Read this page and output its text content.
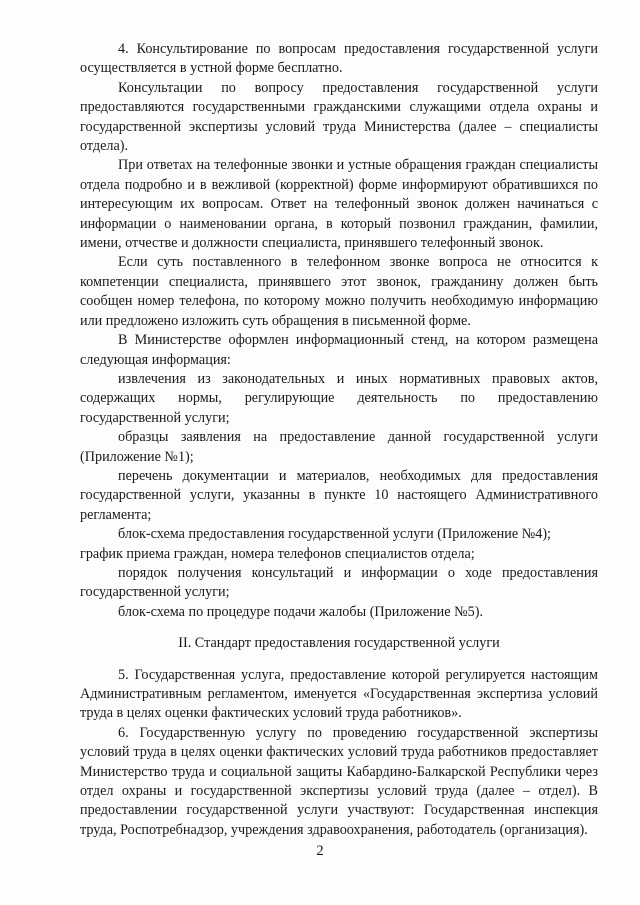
4. Консультирование по вопросам предоставления государственной услуги осуществляется в устной форме бесплатно.

Консультации по вопросу предоставления государственной услуги предоставляются государственными гражданскими служащими отдела охраны и государственной экспертизы условий труда Министерства (далее – специалисты отдела).

При ответах на телефонные звонки и устные обращения граждан специалисты отдела подробно и в вежливой (корректной) форме информируют обратившихся по интересующим их вопросам. Ответ на телефонный звонок должен начинаться с информации о наименовании органа, в который позвонил гражданин, фамилии, имени, отчестве и должности специалиста, принявшего телефонный звонок.

Если суть поставленного в телефонном звонке вопроса не относится к компетенции специалиста, принявшего этот звонок, гражданину должен быть сообщен номер телефона, по которому можно получить необходимую информацию или предложено изложить суть обращения в письменной форме.

В Министерстве оформлен информационный стенд, на котором размещена следующая информация:

извлечения из законодательных и иных нормативных правовых актов, содержащих нормы, регулирующие деятельность по предоставлению государственной услуги;

образцы заявления на предоставление данной государственной услуги (Приложение №1);

перечень документации и материалов, необходимых для предоставления государственной услуги, указанны в пункте 10 настоящего Административного регламента;

блок-схема предоставления государственной услуги (Приложение №4);

график приема граждан, номера телефонов специалистов отдела;

порядок получения консультаций и информации о ходе предоставления государственной услуги;

блок-схема по процедуре подачи жалобы (Приложение №5).

II. Стандарт предоставления государственной услуги

5. Государственная услуга, предоставление которой регулируется настоящим Административным регламентом, именуется «Государственная экспертиза условий труда в целях оценки фактических условий труда работников».

6. Государственную услугу по проведению государственной экспертизы условий труда в целях оценки фактических условий труда работников предоставляет Министерство труда и социальной защиты Кабардино-Балкарской Республики через отдел охраны и государственной экспертизы условий труда (далее – отдел). В предоставлении государственной услуги участвуют: Государственная инспекция труда, Роспотребнадзор, учреждения здравоохранения, работодатель (организация).

2
